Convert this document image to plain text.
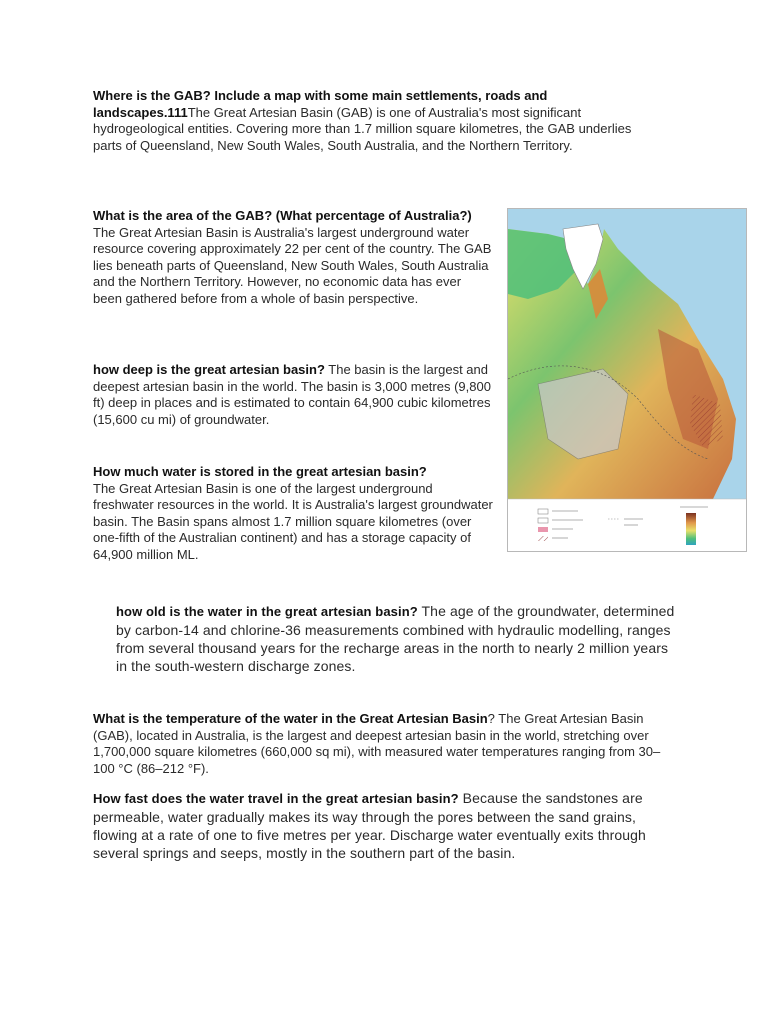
Where is the GAB? Include a map with some main settlements, roads and landscapes.111The Great Artesian Basin (GAB) is one of Australia's most significant hydrogeological entities. Covering more than 1.7 million square kilometres, the GAB underlies parts of Queensland, New South Wales, South Australia, and the Northern Territory.
What is the area of the GAB? (What percentage of Australia?) The Great Artesian Basin is Australia's largest underground water resource covering approximately 22 per cent of the country. The GAB lies beneath parts of Queensland, New South Wales, South Australia and the Northern Territory. However, no economic data has ever been gathered before from a whole of basin perspective.
how deep is the great artesian basin? The basin is the largest and deepest artesian basin in the world. The basin is 3,000 metres (9,800 ft) deep in places and is estimated to contain 64,900 cubic kilometres (15,600 cu mi) of groundwater.
How much water is stored in the great artesian basin?
The Great Artesian Basin is one of the largest underground freshwater resources in the world. It is Australia's largest groundwater basin. The Basin spans almost 1.7 million square kilometres (over one-fifth of the Australian continent) and has a storage capacity of 64,900 million ML.
how old is the water in the great artesian basin? The age of the groundwater, determined by carbon-14 and chlorine-36 measurements combined with hydraulic modelling, ranges from several thousand years for the recharge areas in the north to nearly 2 million years in the south-western discharge zones.
What is the temperature of the water in the Great Artesian Basin? The Great Artesian Basin (GAB), located in Australia, is the largest and deepest artesian basin in the world, stretching over 1,700,000 square kilometres (660,000 sq mi), with measured water temperatures ranging from 30–100 °C (86–212 °F).
How fast does the water travel in the great artesian basin? Because the sandstones are permeable, water gradually makes its way through the pores between the sand grains, flowing at a rate of one to five metres per year. Discharge water eventually exits through several springs and seeps, mostly in the southern part of the basin.
